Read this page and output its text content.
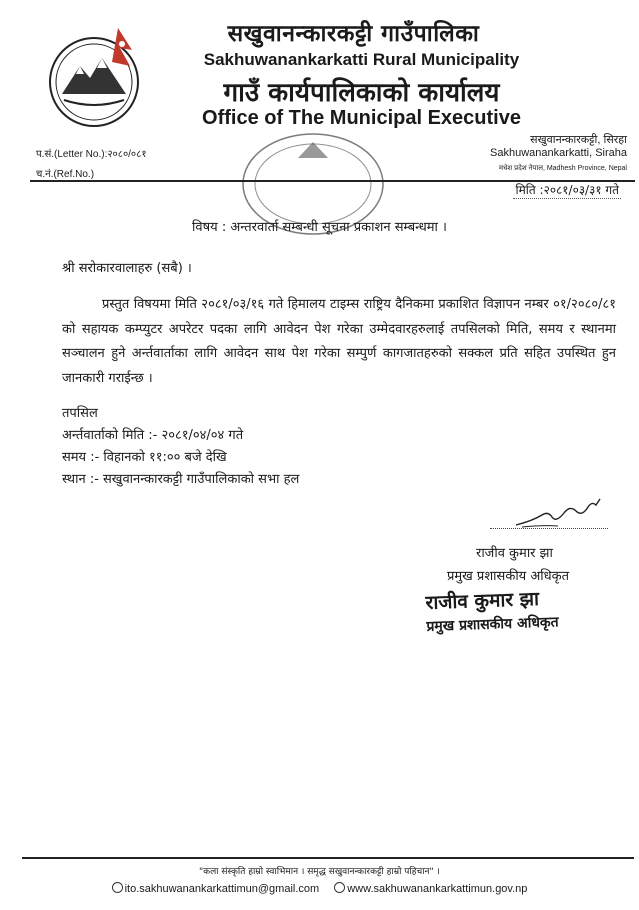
सखुवानन्कारकट्टी गाउँपालिका
Sakhuwanankarkatti Rural Municipality
गाउँ कार्यपालिकाको कार्यालय
Office of The Municipal Executive
प.सं.(Letter No.):२०८०/०८१
च.नं.(Ref.No.)
सखुवानन्कारकट्टी, सिरहा
Sakhuwanankarkatti, Siraha
मधेश प्रदेश नेपाल, Madhesh Province, Nepal
मिति :२०८१/०३/३१ गते
विषय : अन्तरवार्ता सम्बन्धी सूचना प्रकाशन सम्बन्धमा ।
श्री सरोकारवालाहरु (सबै) ।
प्रस्तुत विषयमा मिति २०८१/०३/१६ गते हिमालय टाइम्स राष्ट्रिय दैनिकमा प्रकाशित विज्ञापन नम्बर ०१/२०८०/८१ को सहायक कम्प्युटर अपरेटर पदका लागि आवेदन पेश गरेका उम्मेदवारहरुलाई तपसिलको मिति, समय र स्थानमा सञ्चालन हुने अर्न्तवार्ताका लागि आवेदन साथ पेश गरेका सम्पुर्ण कागजातहरुको सक्कल प्रति सहित उपस्थित हुन जानकारी गराईन्छ ।
तपसिल
अर्न्तवार्ताको मिति :- २०८१/०४/०४ गते
समय :- विहानको ११:०० बजे देखि
स्थान :- सखुवानन्कारकट्टी गाउँपालिकाको सभा हल
राजीव कुमार झा
प्रमुख प्रशासकीय अधिकृत
राजीव कुमार झा
प्रमुख प्रशासकीय अधिकृत
"कला संस्कृति हाम्रो स्वाभिमान । समृद्ध सखुवानन्कारकट्टी हाम्रो पहिचान" ।
ito.sakhuwanankarkattimun@gmail.com	www.sakhuwanankarkattimun.gov.np
